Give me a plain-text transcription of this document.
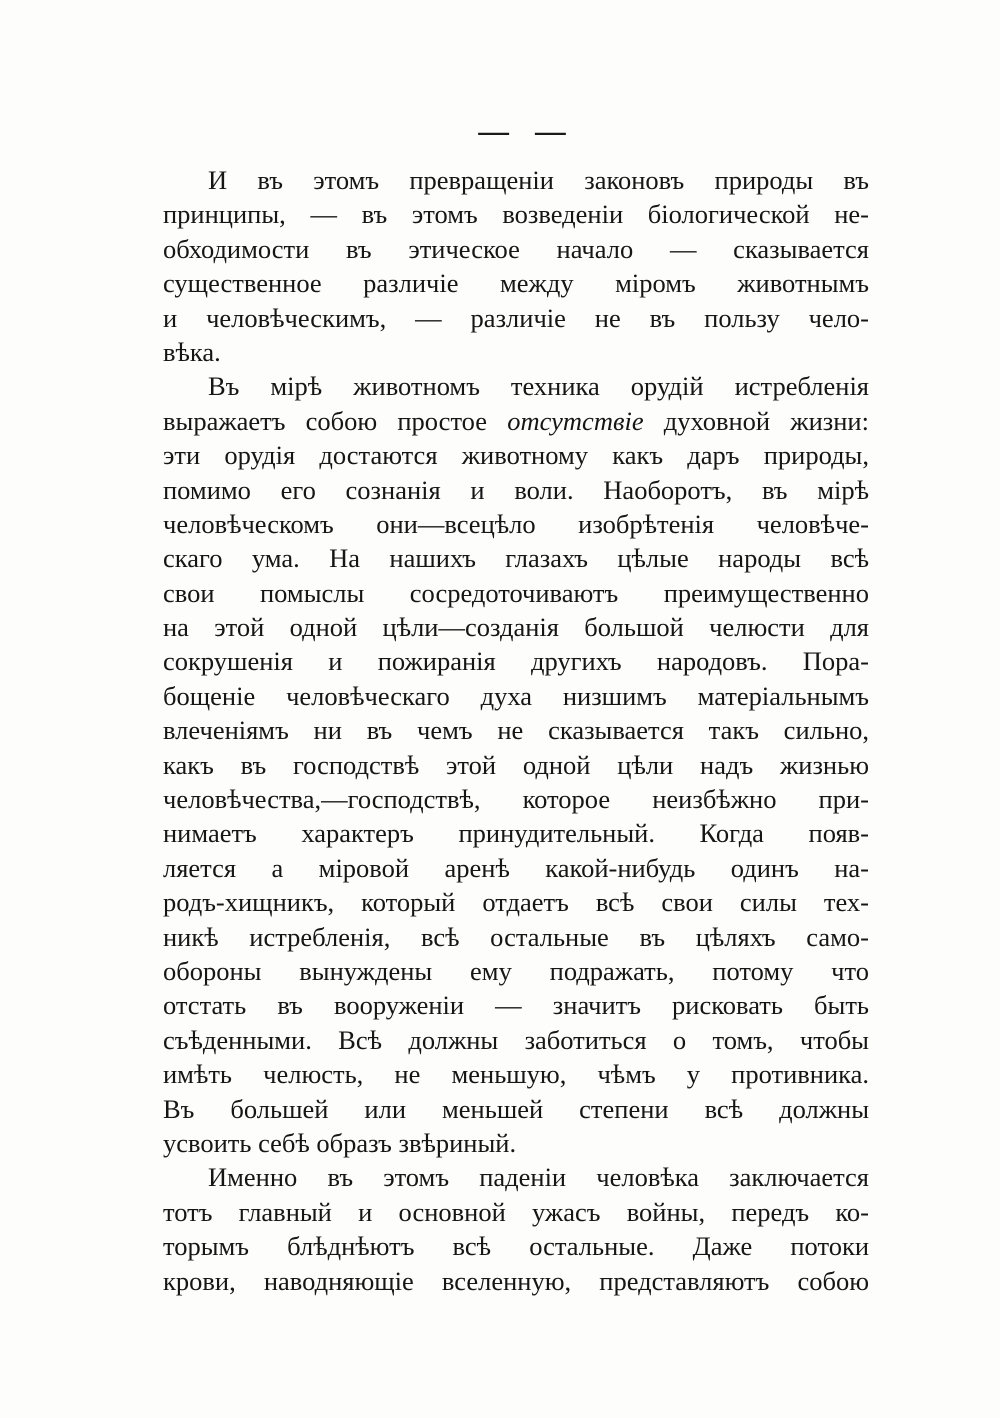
— —
И въ этомъ превращеніи законовъ природы въ
принципы, — въ этомъ возведеніи біологической не-
обходимости въ этическое начало — сказывается
существенное различіе между міромъ животнымъ
и человѣческимъ, — различіе не въ пользу чело-
вѣка.
Въ мірѣ животномъ техника орудій истребленія
выражаетъ собою простое отсутствіе духовной жизни:
эти орудія достаются животному какъ даръ природы,
помимо его сознанія и воли. Наоборотъ, въ мірѣ
человѣческомъ они—всецѣло изобрѣтенія человѣче-
скаго ума. На нашихъ глазахъ цѣлые народы всѣ
свои помыслы сосредоточиваютъ преимущественно
на этой одной цѣли—созданія большой челюсти для
сокрушенія и пожиранія другихъ народовъ. Пора-
бощеніе человѣческаго духа низшимъ матеріальнымъ
влеченіямъ ни въ чемъ не сказывается такъ сильно,
какъ въ господствѣ этой одной цѣли надъ жизнью
человѣчества,—господствѣ, которое неизбѣжно при-
нимаетъ характеръ принудительный. Когда появ-
ляется а міровой аренѣ какой-нибудь одинъ на-
родъ-хищникъ, который отдаетъ всѣ свои силы тех-
никѣ истребленія, всѣ остальные въ цѣляхъ само-
обороны вынуждены ему подражать, потому что
отстать въ вооруженіи — значитъ рисковать быть
съѣденными. Всѣ должны заботиться о томъ, чтобы
имѣть челюсть, не меньшую, чѣмъ у противника.
Въ большей или меньшей степени всѣ должны
усвоить себѣ образъ звѣриный.
Именно въ этомъ паденіи человѣка заключается
тотъ главный и основной ужасъ войны, передъ ко-
торымъ блѣднѣютъ всѣ остальные. Даже потоки
крови, наводняющіе вселенную, представляютъ собою
